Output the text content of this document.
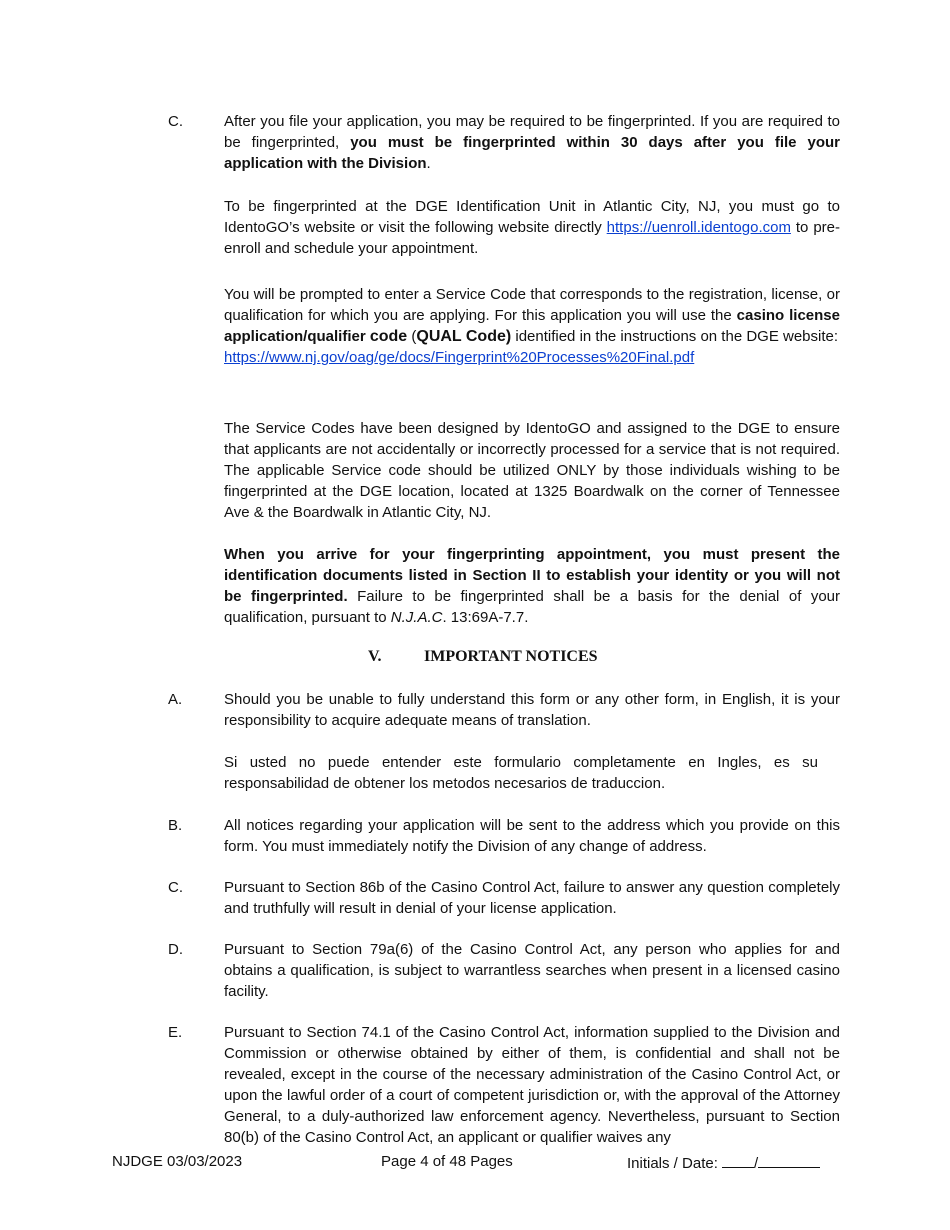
C.	After you file your application, you may be required to be fingerprinted. If you are required to be fingerprinted, you must be fingerprinted within 30 days after you file your application with the Division.

To be fingerprinted at the DGE Identification Unit in Atlantic City, NJ, you must go to IdentoGO’s website or visit the following website directly https://uenroll.identogo.com to pre-enroll and schedule your appointment.

You will be prompted to enter a Service Code that corresponds to the registration, license, or qualification for which you are applying. For this application you will use the casino license application/qualifier code (QUAL Code) identified in the instructions on the DGE website:

https://www.nj.gov/oag/ge/docs/Fingerprint%20Processes%20Final.pdf

The Service Codes have been designed by IdentoGO and assigned to the DGE to ensure that applicants are not accidentally or incorrectly processed for a service that is not required. The applicable Service code should be utilized ONLY by those individuals wishing to be fingerprinted at the DGE location, located at 1325 Boardwalk on the corner of Tennessee Ave & the Boardwalk in Atlantic City, NJ.

When you arrive for your fingerprinting appointment, you must present the identification documents listed in Section II to establish your identity or you will not be fingerprinted. Failure to be fingerprinted shall be a basis for the denial of your qualification, pursuant to N.J.A.C. 13:69A-7.7.

V.	IMPORTANT NOTICES
A.	Should you be unable to fully understand this form or any other form, in English, it is your responsibility to acquire adequate means of translation.

Si usted no puede entender este formulario completamente en Ingles, es su responsabilidad de obtener los metodos necesarios de traduccion.

B.	All notices regarding your application will be sent to the address which you provide on this form. You must immediately notify the Division of any change of address.

C.	Pursuant to Section 86b of the Casino Control Act, failure to answer any question completely and truthfully will result in denial of your license application.

D.	Pursuant to Section 79a(6) of the Casino Control Act, any person who applies for and obtains a qualification, is subject to warrantless searches when present in a licensed casino facility.

E.	Pursuant to Section 74.1 of the Casino Control Act, information supplied to the Division and Commission or otherwise obtained by either of them, is confidential and shall not be revealed, except in the course of the necessary administration of the Casino Control Act, or upon the lawful order of a court of competent jurisdiction or, with the approval of the Attorney General, to a duly-authorized law enforcement agency. Nevertheless, pursuant to Section 80(b) of the Casino Control Act, an applicant or qualifier waives any

NJDGE 03/03/2023	Page 4 of 48 Pages	Initials / Date: /
